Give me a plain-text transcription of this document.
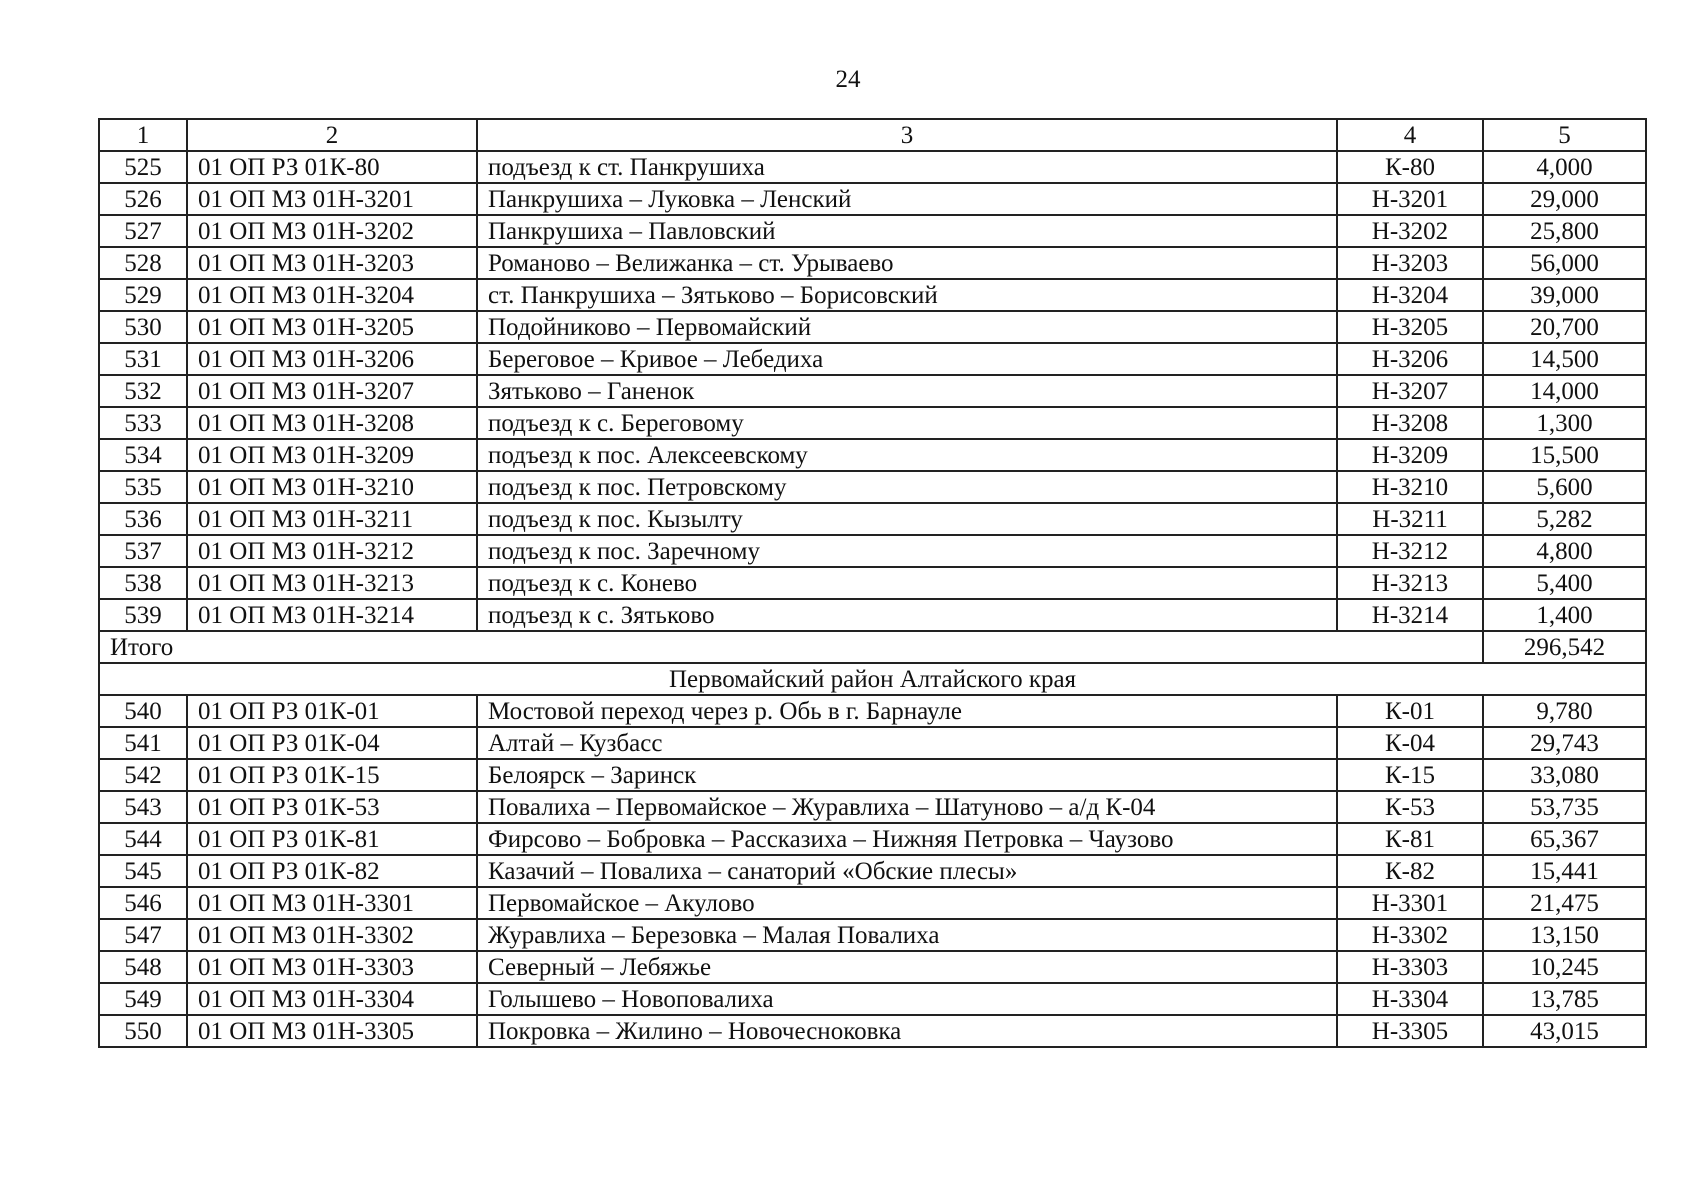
24
1	2	3	4	5
525	01 ОП РЗ 01К-80	подъезд к ст. Панкрушиха	К-80	4,000
526	01 ОП МЗ 01Н-3201	Панкрушиха – Луковка – Ленский	Н-3201	29,000
527	01 ОП МЗ 01Н-3202	Панкрушиха – Павловский	Н-3202	25,800
528	01 ОП МЗ 01Н-3203	Романово – Велижанка – ст. Урываево	Н-3203	56,000
529	01 ОП МЗ 01Н-3204	ст. Панкрушиха – Зятьково – Борисовский	Н-3204	39,000
530	01 ОП МЗ 01Н-3205	Подойниково – Первомайский	Н-3205	20,700
531	01 ОП МЗ 01Н-3206	Береговое – Кривое – Лебедиха	Н-3206	14,500
532	01 ОП МЗ 01Н-3207	Зятьково – Ганенок	Н-3207	14,000
533	01 ОП МЗ 01Н-3208	подъезд к с. Береговому	Н-3208	1,300
534	01 ОП МЗ 01Н-3209	подъезд к пос. Алексеевскому	Н-3209	15,500
535	01 ОП МЗ 01Н-3210	подъезд к пос. Петровскому	Н-3210	5,600
536	01 ОП МЗ 01Н-3211	подъезд к пос. Кызылту	Н-3211	5,282
537	01 ОП МЗ 01Н-3212	подъезд к пос. Заречному	Н-3212	4,800
538	01 ОП МЗ 01Н-3213	подъезд к с. Конево	Н-3213	5,400
539	01 ОП МЗ 01Н-3214	подъезд к с. Зятьково	Н-3214	1,400
Итого				296,542
Первомайский район Алтайского края				
540	01 ОП РЗ 01К-01	Мостовой переход через р. Обь в г. Барнауле	К-01	9,780
541	01 ОП РЗ 01К-04	Алтай – Кузбасс	К-04	29,743
542	01 ОП РЗ 01К-15	Белоярск – Заринск	К-15	33,080
543	01 ОП РЗ 01К-53	Повалиха – Первомайское – Журавлиха – Шатуново – а/д К-04	К-53	53,735
544	01 ОП РЗ 01К-81	Фирсово – Бобровка – Рассказиха – Нижняя Петровка – Чаузово	К-81	65,367
545	01 ОП РЗ 01К-82	Казачий – Повалиха – санаторий «Обские плесы»	К-82	15,441
546	01 ОП МЗ 01Н-3301	Первомайское – Акулово	Н-3301	21,475
547	01 ОП МЗ 01Н-3302	Журавлиха – Березовка – Малая Повалиха	Н-3302	13,150
548	01 ОП МЗ 01Н-3303	Северный – Лебяжье	Н-3303	10,245
549	01 ОП МЗ 01Н-3304	Голышево – Новоповалиха	Н-3304	13,785
550	01 ОП МЗ 01Н-3305	Покровка – Жилино – Новочесноковка	Н-3305	43,015
